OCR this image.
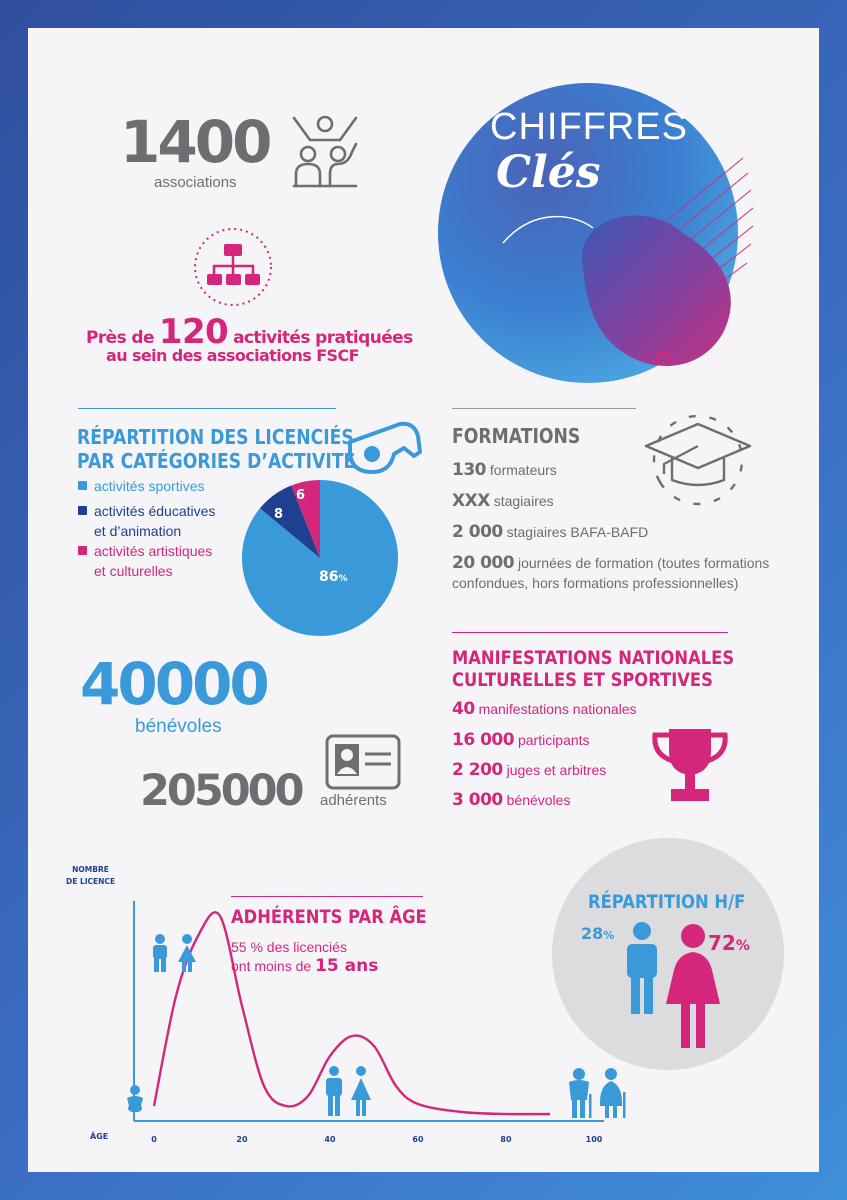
CHIFFRES
Clés
1400
associations
Près de 120 activités pratiquées
au sein des associations FSCF
RÉPARTITION DES LICENCIÉS
PAR CATÉGORIES D’ACTIVITÉ
activités sportives
activités éducatives
et d’animation
activités artistiques
et culturelles	86%
8
6
FORMATIONS
130 formateurs
XXX stagiaires
2 000 stagiaires BAFA-BAFD
20 000 journées de formation (toutes formations
confondues, hors formations professionnelles)
40000
bénévoles
205000 adhérents
MANIFESTATIONS NATIONALES
CULTURELLES ET SPORTIVES
40 manifestations nationales
16 000 participants
2 200 juges et arbitres
3 000 bénévoles
NOMBRE
DE LICENCE
ÂGE	0	20	40	60	80	100
ADHÉRENTS PAR ÂGE
55 % des licenciés
ont moins de 15 ans
RÉPARTITION H/F
28%	72%
